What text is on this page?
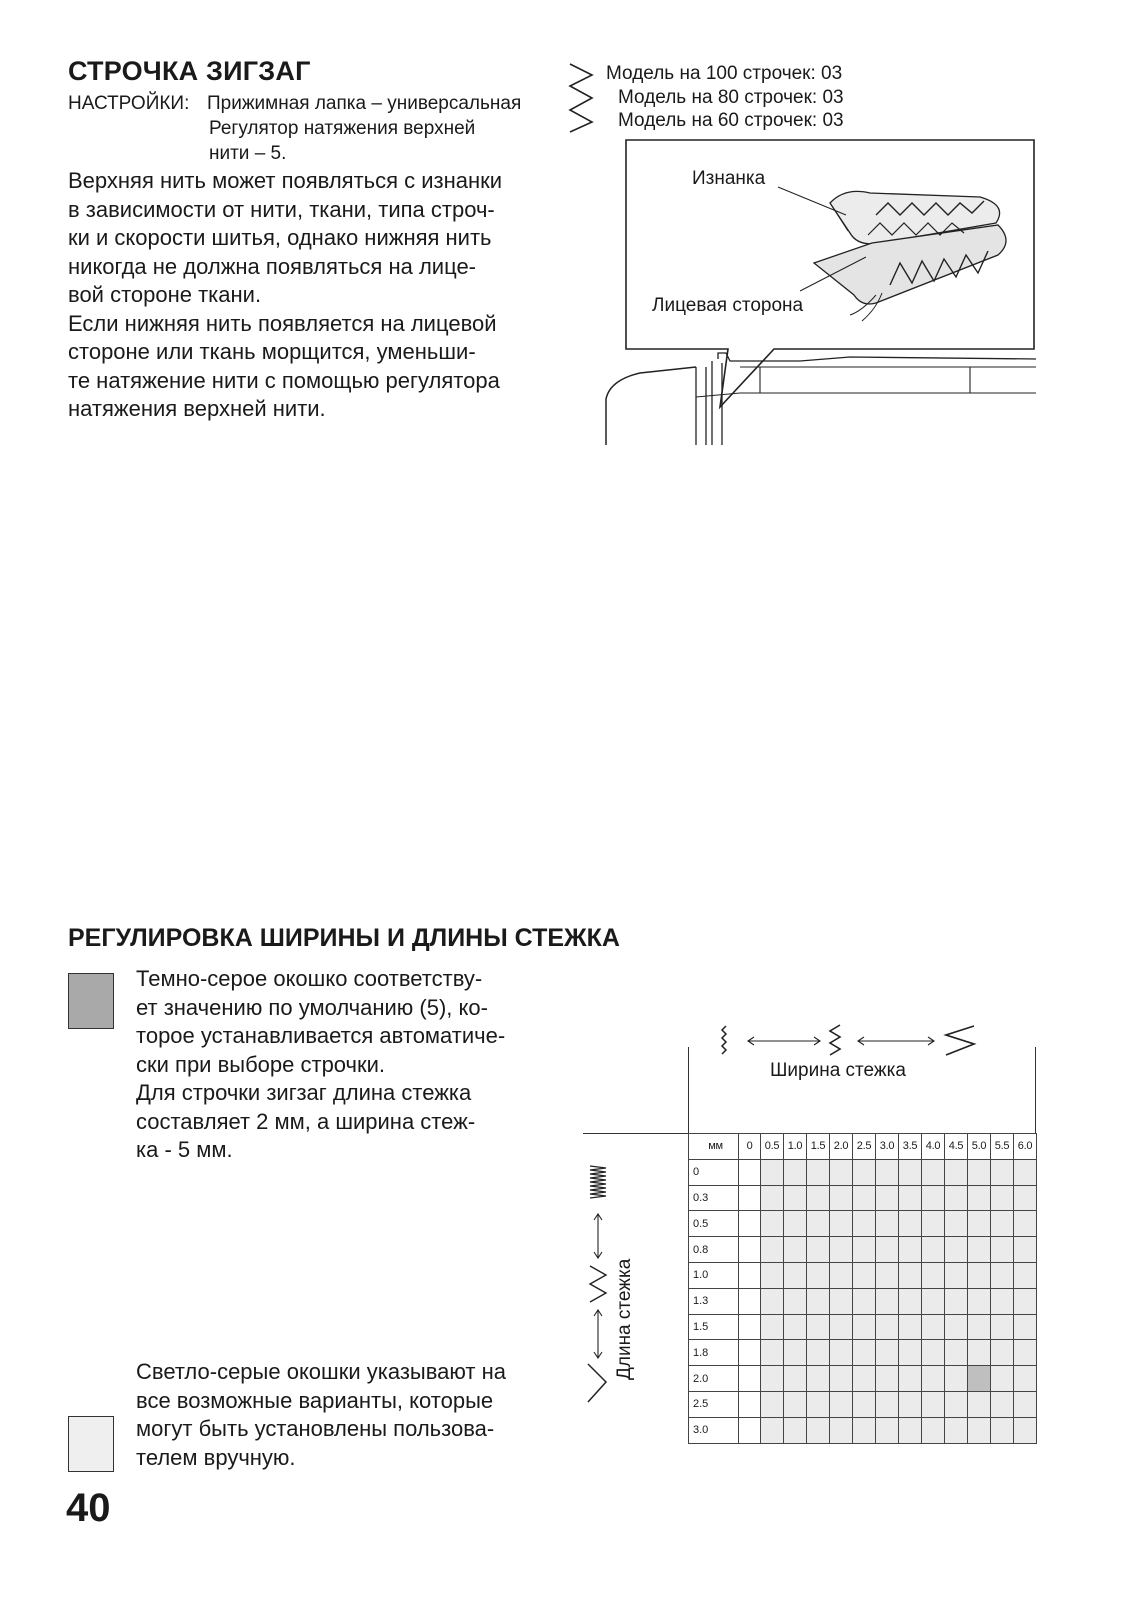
СТРОЧКА ЗИГЗАГ
НАСТРОЙКИ: Прижимная лапка – универсальная
Регулятор натяжения верхней
нити – 5.
Верхняя нить может появляться с изнанки
в зависимости от нити, ткани, типа строч-
ки и скорости шитья, однако нижняя нить
никогда не должна появляться на лице-
вой стороне ткани.
Если нижняя нить появляется на лицевой
стороне или ткань морщится, уменьши-
те натяжение нити с помощью регулятора
натяжения верхней нити.
Модель на 100 строчек: 03
Модель на 80 строчек: 03
Модель на 60 строчек: 03
Изнанка
Лицевая сторона
РЕГУЛИРОВКА ШИРИНЫ И ДЛИНЫ СТЕЖКА
Темно-серое окошко соответству-
ет значению по умолчанию (5), ко-
торое устанавливается автоматиче-
ски при выборе строчки.
Для строчки зигзаг длина стежка
составляет 2 мм, а ширина стеж-
ка - 5 мм.
Светло-серые окошки указывают на
все возможные варианты, которые
могут быть установлены пользова-
телем вручную.
Ширина стежка
Длина стежка
мм	0	0.5	1.0	1.5	2.0	2.5	3.0	3.5	4.0	4.5	5.0	5.5	6.0
0													
0.3													
0.5													
0.8													
1.0													
1.3													
1.5													
1.8													
2.0													
2.5													
3.0													
40
